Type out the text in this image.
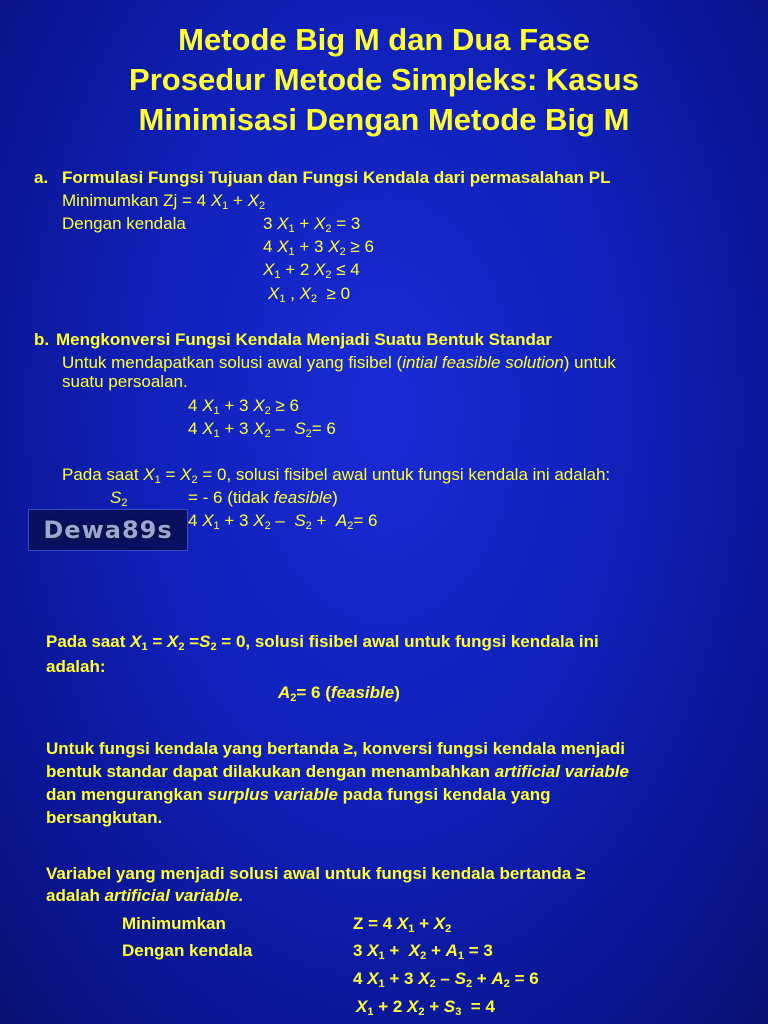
Metode Big M dan Dua Fase
Prosedur Metode Simpleks: Kasus
Minimisasi Dengan Metode Big M
a. Formulasi Fungsi Tujuan dan Fungsi Kendala dari permasalahan PL
Minimumkan Zj = 4 $X_1 + X_2$
Dengan kendala	3 $X_1 + X_2 = 3$
4 $X_1 + 3$ $X_2 \ge 6$
$X_1 + 2$ $X_2 \le 4$
$X_1$ , $X_2 \ge 0$
b. Mengkonversi Fungsi Kendala Menjadi Suatu Bentuk Standar
Untuk mendapatkan solusi awal yang fisibel (intial feasible solution) untuk
suatu persoalan.
4 $X_1 + 3$ $X_2 \ge 6$
4 $X_1 + 3$ $X_2 - S_2= 6$
Pada saat $X_1 = X_2 = 0$, solusi fisibel awal untuk fungsi kendala ini adalah:
$S_2$	= - 6 (tidak feasible)
4 $X_1 + 3$ $X_2 - S_2 + A_2= 6$
Dewa89s
Pada saat $X_1 = X_2 =S_2 = 0$, solusi fisibel awal untuk fungsi kendala ini
adalah:
$A_2= 6$ (feasible)
Untuk fungsi kendala yang bertanda ≥, konversi fungsi kendala menjadi
bentuk standar dapat dilakukan dengan menambahkan artificial variable
dan mengurangkan surplus variable pada fungsi kendala yang
bersangkutan.
Variabel yang menjadi solusi awal untuk fungsi kendala bertanda ≥
adalah artificial variable.
Minimumkan	Z = 4 $X_1 + X_2$
Dengan kendala	3 $X_1 + X_2 + A_1 = 3$
4 $X_1 + 3$ $X_2 - S_2 + A_2 = 6$
$X_1 + 2$ $X_2 + S_3 = 4$
